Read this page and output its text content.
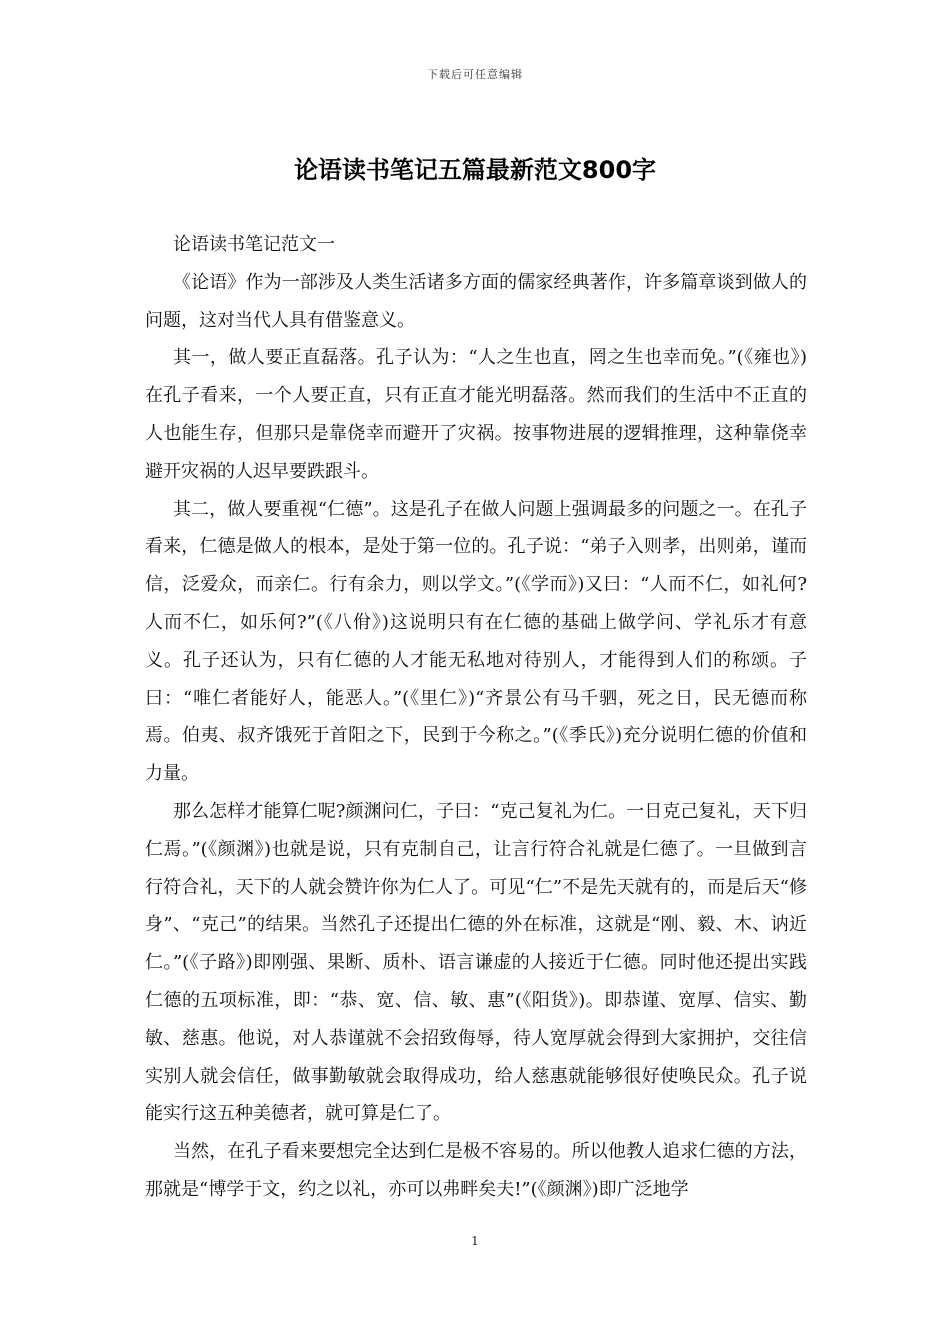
下载后可任意编辑
论语读书笔记五篇最新范文800字

论语读书笔记范文一

《论语》作为一部涉及人类生活诸多方面的儒家经典著作，许多篇章谈到做人的问题，这对当代人具有借鉴意义。

其一，做人要正直磊落。孔子认为：“人之生也直，罔之生也幸而免。”(《雍也》)在孔子看来，一个人要正直，只有正直才能光明磊落。然而我们的生活中不正直的人也能生存，但那只是靠侥幸而避开了灾祸。按事物进展的逻辑推理，这种靠侥幸避开灾祸的人迟早要跌跟斗。

其二，做人要重视“仁德”。这是孔子在做人问题上强调最多的问题之一。在孔子看来，仁德是做人的根本，是处于第一位的。孔子说：“弟子入则孝，出则弟，谨而信，泛爱众，而亲仁。行有余力，则以学文。”(《学而》)又曰：“人而不仁，如礼何?人而不仁，如乐何?”(《八佾》)这说明只有在仁德的基础上做学问、学礼乐才有意义。孔子还认为，只有仁德的人才能无私地对待别人，才能得到人们的称颂。子曰：“唯仁者能好人，能恶人。”(《里仁》)“齐景公有马千驷，死之日，民无德而称焉。伯夷、叔齐饿死于首阳之下，民到于今称之。”(《季氏》)充分说明仁德的价值和力量。

那么怎样才能算仁呢?颜渊问仁，子曰：“克己复礼为仁。一日克己复礼，天下归仁焉。”(《颜渊》)也就是说，只有克制自己，让言行符合礼就是仁德了。一旦做到言行符合礼，天下的人就会赞许你为仁人了。可见“仁”不是先天就有的，而是后天“修身”、“克己”的结果。当然孔子还提出仁德的外在标准，这就是“刚、毅、木、讷近仁。”(《子路》)即刚强、果断、质朴、语言谦虚的人接近于仁德。同时他还提出实践仁德的五项标准，即：“恭、宽、信、敏、惠”(《阳货》)。即恭谨、宽厚、信实、勤敏、慈惠。他说，对人恭谨就不会招致侮辱，待人宽厚就会得到大家拥护，交往信实别人就会信任，做事勤敏就会取得成功，给人慈惠就能够很好使唤民众。孔子说能实行这五种美德者，就可算是仁了。

当然，在孔子看来要想完全达到仁是极不容易的。所以他教人追求仁德的方法，那就是“博学于文，约之以礼，亦可以弗畔矣夫!”(《颜渊》)即广泛地学

1
